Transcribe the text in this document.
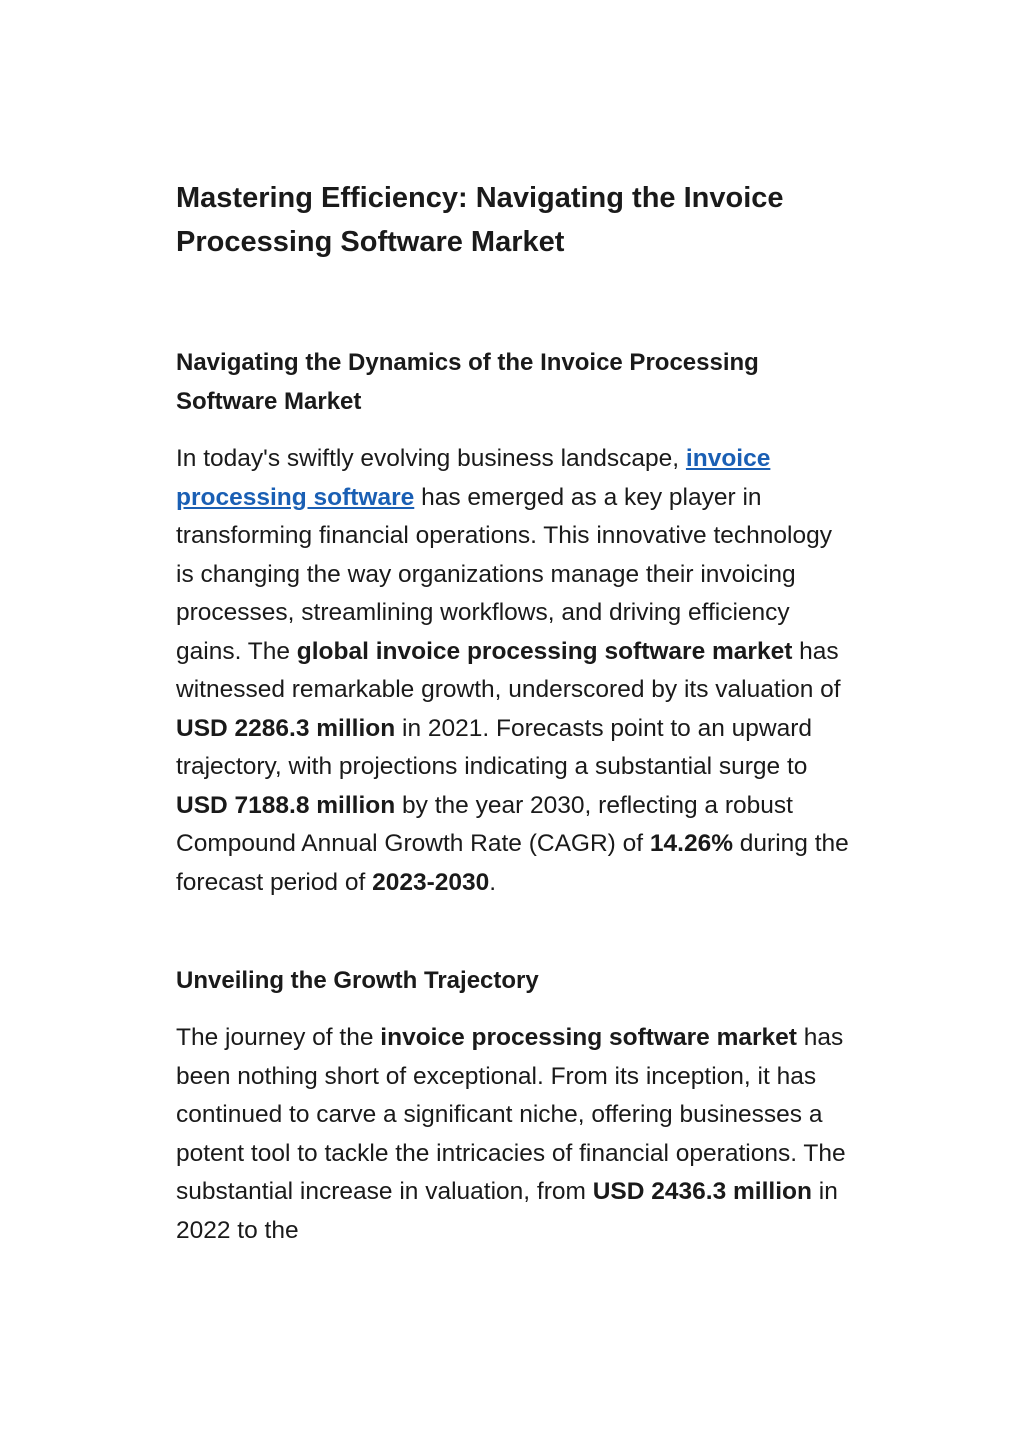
Mastering Efficiency: Navigating the Invoice Processing Software Market
Navigating the Dynamics of the Invoice Processing Software Market

In today's swiftly evolving business landscape, invoice processing software has emerged as a key player in transforming financial operations. This innovative technology is changing the way organizations manage their invoicing processes, streamlining workflows, and driving efficiency gains. The global invoice processing software market has witnessed remarkable growth, underscored by its valuation of USD 2286.3 million in 2021. Forecasts point to an upward trajectory, with projections indicating a substantial surge to USD 7188.8 million by the year 2030, reflecting a robust Compound Annual Growth Rate (CAGR) of 14.26% during the forecast period of 2023-2030.

Unveiling the Growth Trajectory

The journey of the invoice processing software market has been nothing short of exceptional. From its inception, it has continued to carve a significant niche, offering businesses a potent tool to tackle the intricacies of financial operations. The substantial increase in valuation, from USD 2436.3 million in 2022 to the
